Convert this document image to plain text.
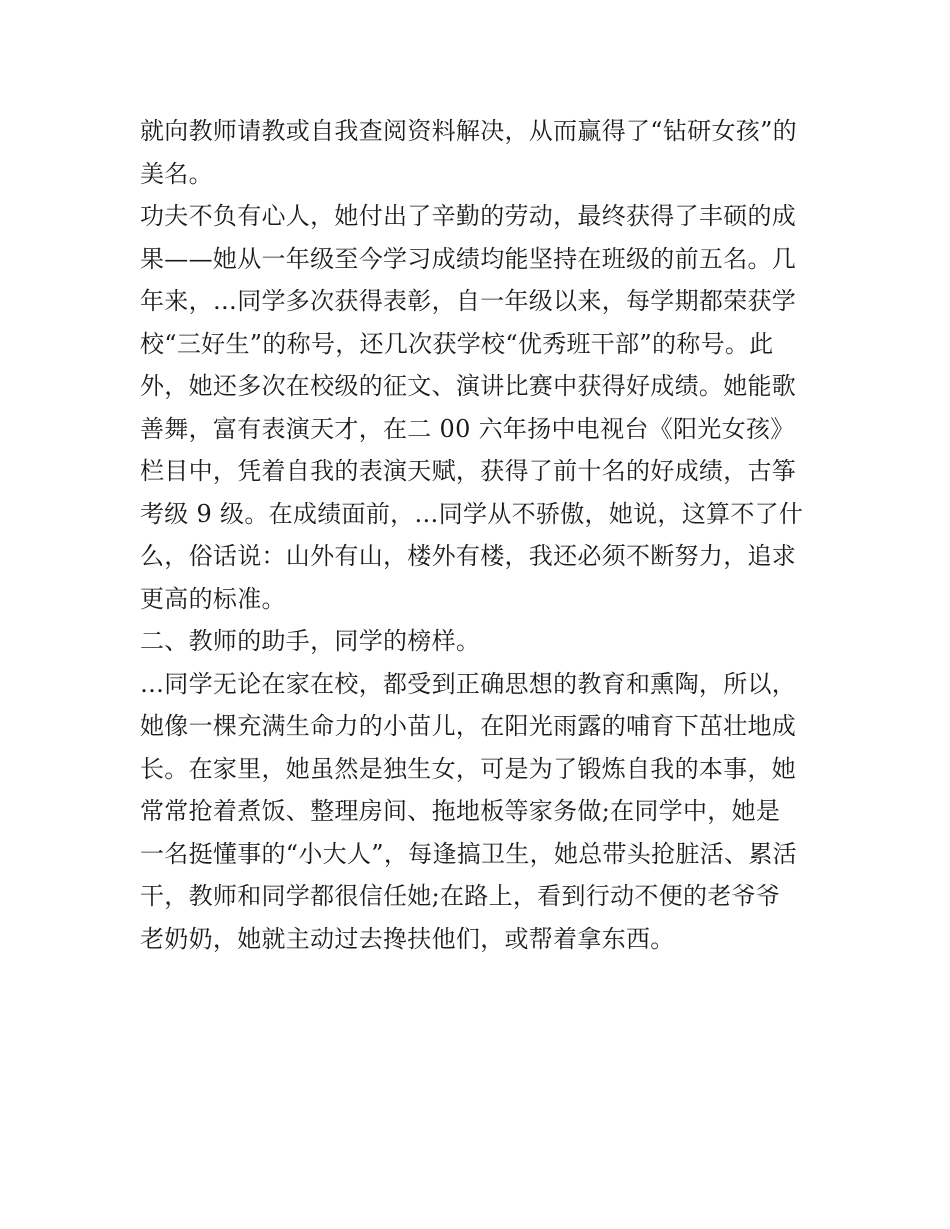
就向教师请教或自我查阅资料解决，从而赢得了“钻研女孩”的
美名。
功夫不负有心人，她付出了辛勤的劳动，最终获得了丰硕的成
果——她从一年级至今学习成绩均能坚持在班级的前五名。几
年来，…同学多次获得表彰，自一年级以来，每学期都荣获学
校“三好生”的称号，还几次获学校“优秀班干部”的称号。此
外，她还多次在校级的征文、演讲比赛中获得好成绩。她能歌
善舞，富有表演天才，在二 00 六年扬中电视台《阳光女孩》
栏目中，凭着自我的表演天赋，获得了前十名的好成绩，古筝
考级 9 级。在成绩面前，…同学从不骄傲，她说，这算不了什
么，俗话说：山外有山，楼外有楼，我还必须不断努力，追求
更高的标准。
二、教师的助手，同学的榜样。
…同学无论在家在校，都受到正确思想的教育和熏陶，所以，
她像一棵充满生命力的小苗儿，在阳光雨露的哺育下茁壮地成
长。在家里，她虽然是独生女，可是为了锻炼自我的本事，她
常常抢着煮饭、整理房间、拖地板等家务做;在同学中，她是
一名挺懂事的“小大人”，每逢搞卫生，她总带头抢脏活、累活
干，教师和同学都很信任她;在路上，看到行动不便的老爷爷
老奶奶，她就主动过去搀扶他们，或帮着拿东西。
